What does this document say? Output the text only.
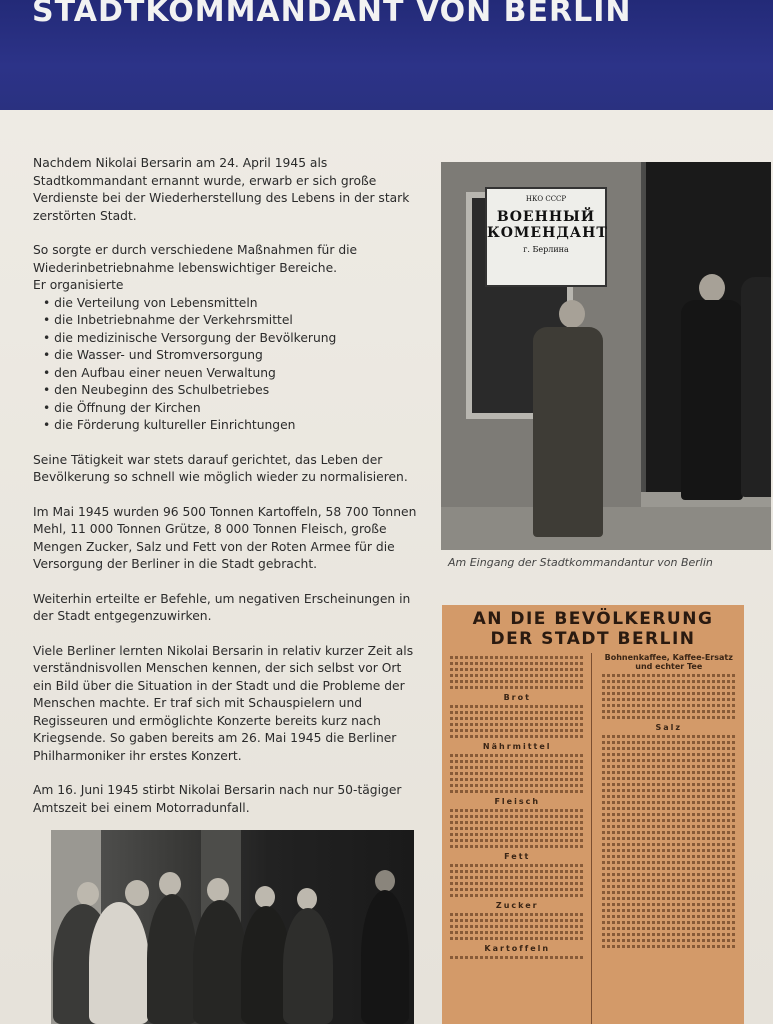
STADTKOMMANDANT VON BERLIN

Nachdem Nikolai Bersarin am 24. April 1945 als Stadtkommandant ernannt wurde, erwarb er sich große Verdienste bei der Wiederherstellung des Lebens in der stark zerstörten Stadt.

So sorgte er durch verschiedene Maßnahmen für die Wiederinbetriebnahme lebenswichtiger Bereiche.

Er organisierte
• die Verteilung von Lebensmitteln
• die Inbetriebnahme der Verkehrsmittel
• die medizinische Versorgung der Bevölkerung
• die Wasser- und Stromversorgung
• den Aufbau einer neuen Verwaltung
• den Neubeginn des Schulbetriebes
• die Öffnung der Kirchen
• die Förderung kultureller Einrichtungen

Seine Tätigkeit war stets darauf gerichtet, das Leben der Bevölkerung so schnell wie möglich wieder zu normalisieren.

Im Mai 1945 wurden 96 500 Tonnen Kartoffeln, 58 700 Tonnen Mehl, 11 000 Tonnen Grütze, 8 000 Tonnen Fleisch, große Mengen Zucker, Salz und Fett von der Roten Armee für die Versorgung der Berliner in die Stadt gebracht.

Weiterhin erteilte er Befehle, um negativen Erscheinungen in der Stadt entgegenzuwirken.

Viele Berliner lernten Nikolai Bersarin in relativ kurzer Zeit als verständnisvollen Menschen kennen, der sich selbst vor Ort ein Bild über die Situation in der Stadt und die Probleme der Menschen machte. Er traf sich mit Schauspielern und Regisseuren und ermöglichte Konzerte bereits kurz nach Kriegsende. So gaben bereits am 26. Mai 1945 die Berliner Philharmoniker ihr erstes Konzert.

Am 16. Juni 1945 stirbt Nikolai Bersarin nach nur 50-tägiger Amtszeit bei einem Motorradunfall.

НКО СССР
ВОЕННЫЙ
КОМЕНДАНТ
г. Берлина
Am Eingang der Stadtkommandantur von Berlin
AN DIE BEVÖLKERUNG
DER STADT BERLIN
Brot
Nährmittel
Fleisch
Fett
Zucker
Kartoffeln
Bohnenkaffee, Kaffee-Ersatz und echter Tee
Salz
